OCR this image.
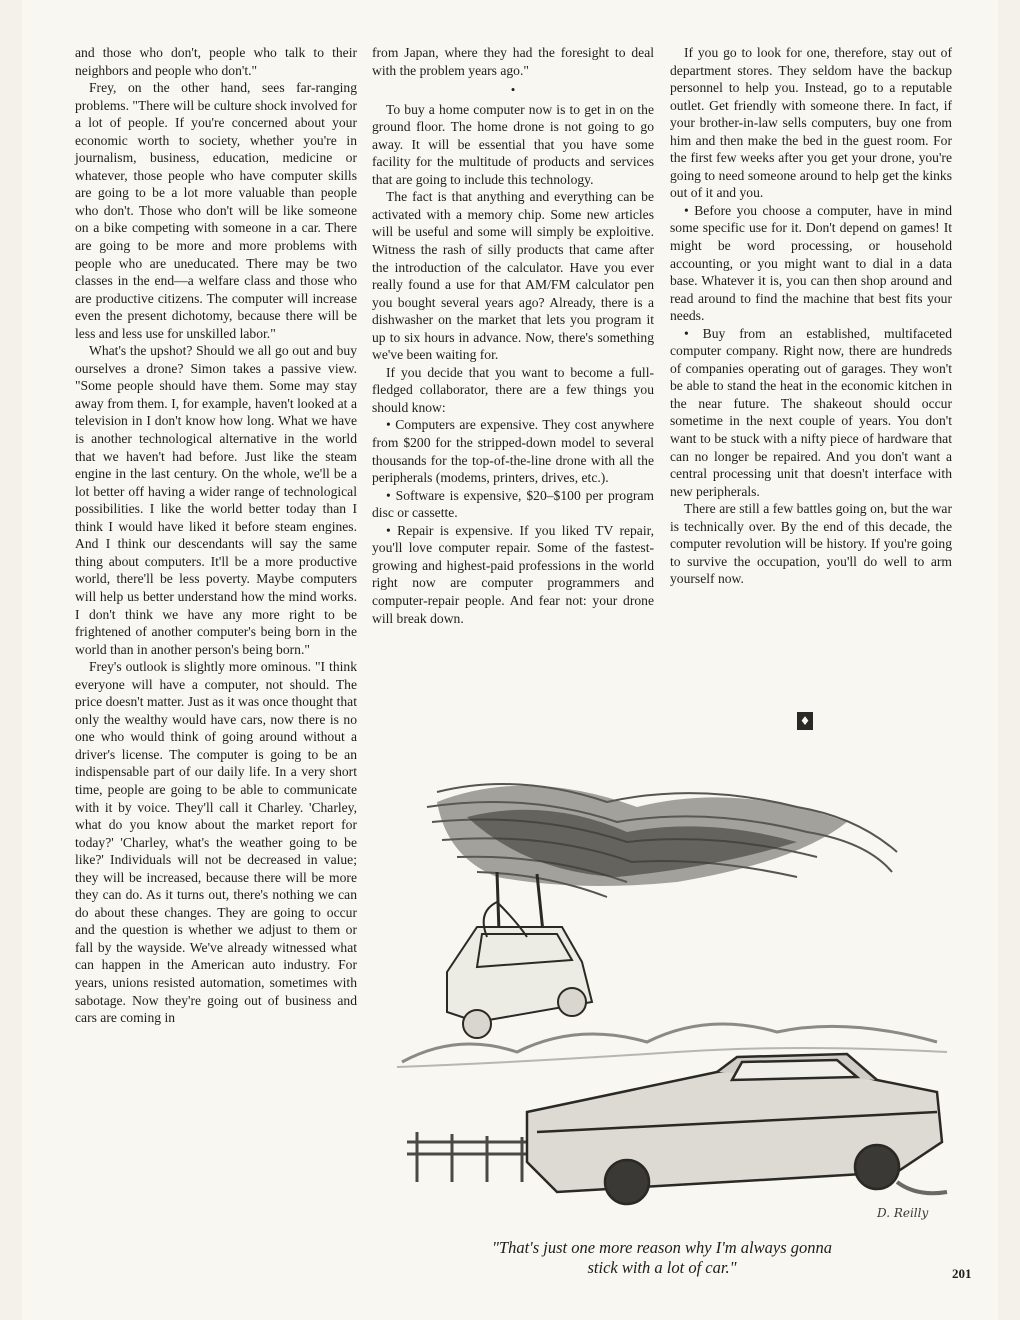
and those who don't, people who talk to their neighbors and people who don't."

Frey, on the other hand, sees far-ranging problems. "There will be culture shock involved for a lot of people. If you're concerned about your economic worth to society, whether you're in journalism, business, education, medicine or whatever, those people who have computer skills are going to be a lot more valuable than people who don't. Those who don't will be like someone on a bike competing with someone in a car. There are going to be more and more problems with people who are uneducated. There may be two classes in the end—a welfare class and those who are productive citizens. The computer will increase even the present dichotomy, because there will be less and less use for unskilled labor."

What's the upshot? Should we all go out and buy ourselves a drone? Simon takes a passive view. "Some people should have them. Some may stay away from them. I, for example, haven't looked at a television in I don't know how long. What we have is another technological alternative in the world that we haven't had before. Just like the steam engine in the last century. On the whole, we'll be a lot better off having a wider range of technological possibilities. I like the world better today than I think I would have liked it before steam engines. And I think our descendants will say the same thing about computers. It'll be a more productive world, there'll be less poverty. Maybe computers will help us better understand how the mind works. I don't think we have any more right to be frightened of another computer's being born in the world than in another person's being born."

Frey's outlook is slightly more ominous. "I think everyone will have a computer, not should. The price doesn't matter. Just as it was once thought that only the wealthy would have cars, now there is no one who would think of going around without a driver's license. The computer is going to be an indispensable part of our daily life. In a very short time, people are going to be able to communicate with it by voice. They'll call it Charley. 'Charley, what do you know about the market report for today?' 'Charley, what's the weather going to be like?' Individuals will not be decreased in value; they will be increased, because there will be more they can do. As it turns out, there's nothing we can do about these changes. They are going to occur and the question is whether we adjust to them or fall by the wayside. We've already witnessed what can happen in the American auto industry. For years, unions resisted automation, sometimes with sabotage. Now they're going out of business and cars are coming in

from Japan, where they had the foresight to deal with the problem years ago."

•

To buy a home computer now is to get in on the ground floor. The home drone is not going to go away. It will be essential that you have some facility for the multitude of products and services that are going to include this technology.

The fact is that anything and everything can be activated with a memory chip. Some new articles will be useful and some will simply be exploitive. Witness the rash of silly products that came after the introduction of the calculator. Have you ever really found a use for that AM/FM calculator pen you bought several years ago? Already, there is a dishwasher on the market that lets you program it up to six hours in advance. Now, there's something we've been waiting for.

If you decide that you want to become a full-fledged collaborator, there are a few things you should know:

• Computers are expensive. They cost anywhere from $200 for the stripped-down model to several thousands for the top-of-the-line drone with all the peripherals (modems, printers, drives, etc.).

• Software is expensive, $20–$100 per program disc or cassette.

• Repair is expensive. If you liked TV repair, you'll love computer repair. Some of the fastest-growing and highest-paid professions in the world right now are computer programmers and computer-repair people. And fear not: your drone will break down.

If you go to look for one, therefore, stay out of department stores. They seldom have the backup personnel to help you. Instead, go to a reputable outlet. Get friendly with someone there. In fact, if your brother-in-law sells computers, buy one from him and then make the bed in the guest room. For the first few weeks after you get your drone, you're going to need someone around to help get the kinks out of it and you.

• Before you choose a computer, have in mind some specific use for it. Don't depend on games! It might be word processing, or household accounting, or you might want to dial in a data base. Whatever it is, you can then shop around and read around to find the machine that best fits your needs.

• Buy from an established, multifaceted computer company. Right now, there are hundreds of companies operating out of garages. They won't be able to stand the heat in the economic kitchen in the near future. The shakeout should occur sometime in the next couple of years. You don't want to be stuck with a nifty piece of hardware that can no longer be repaired. And you don't want a central processing unit that doesn't interface with new peripherals.

There are still a few battles going on, but the war is technically over. By the end of this decade, the computer revolution will be history. If you're going to survive the occupation, you'll do well to arm yourself now.

♦
D. Reilly
"That's just one more reason why I'm always gonna
stick with a lot of car."	201
